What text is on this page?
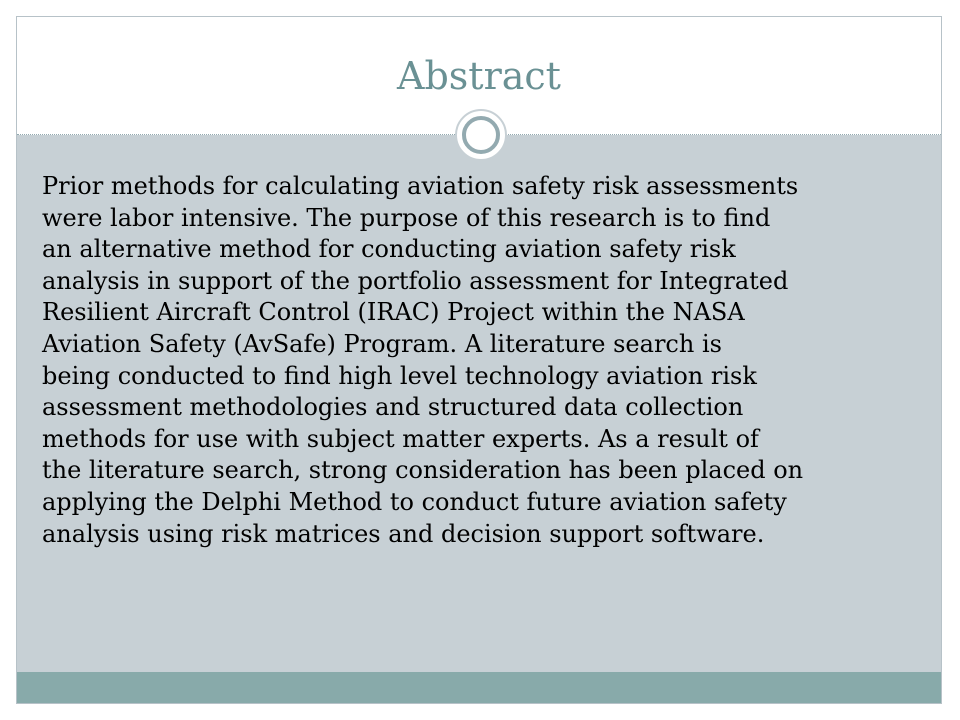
Abstract

Prior methods for calculating aviation safety risk assessments
were labor intensive. The purpose of this research is to find
an alternative method for conducting aviation safety risk
analysis in support of the portfolio assessment for Integrated
Resilient Aircraft Control (IRAC) Project within the NASA
Aviation Safety (AvSafe) Program. A literature search is
being conducted to find high level technology aviation risk
assessment methodologies and structured data collection
methods for use with subject matter experts. As a result of
the literature search, strong consideration has been placed on
applying the Delphi Method to conduct future aviation safety
analysis using risk matrices and decision support software.
